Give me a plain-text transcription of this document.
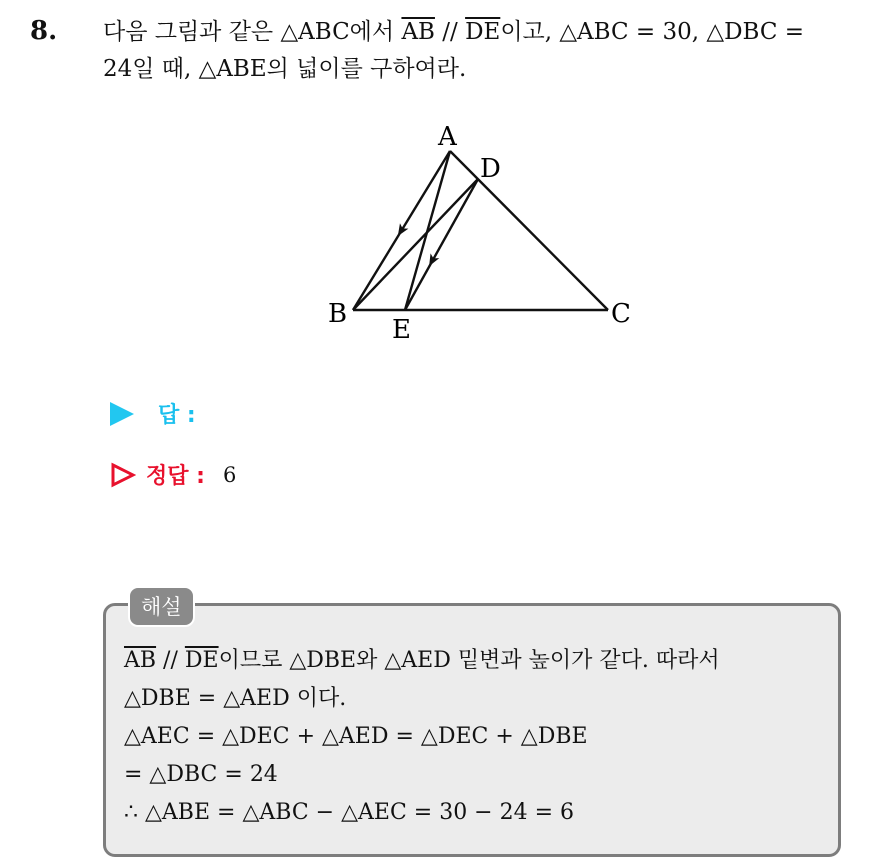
8. 다음 그림과 같은 △ABC에서 $\overline{AB} // \overline{DE}$이고, △ABC = 30, △DBC =
24일 때, △ABE의 넓이를 구하여라.
A
D
B
E
C
답 :
정답 : 6
해설
$\overline{AB} // \overline{DE}$이므로 △DBE와 △AED 밑변과 높이가 같다. 따라서
△DBE = △AED 이다.
△AEC = △DEC + △AED = △DEC + △DBE
= △DBC = 24
∴ △ABE = △ABC − △AEC = 30 − 24 = 6
